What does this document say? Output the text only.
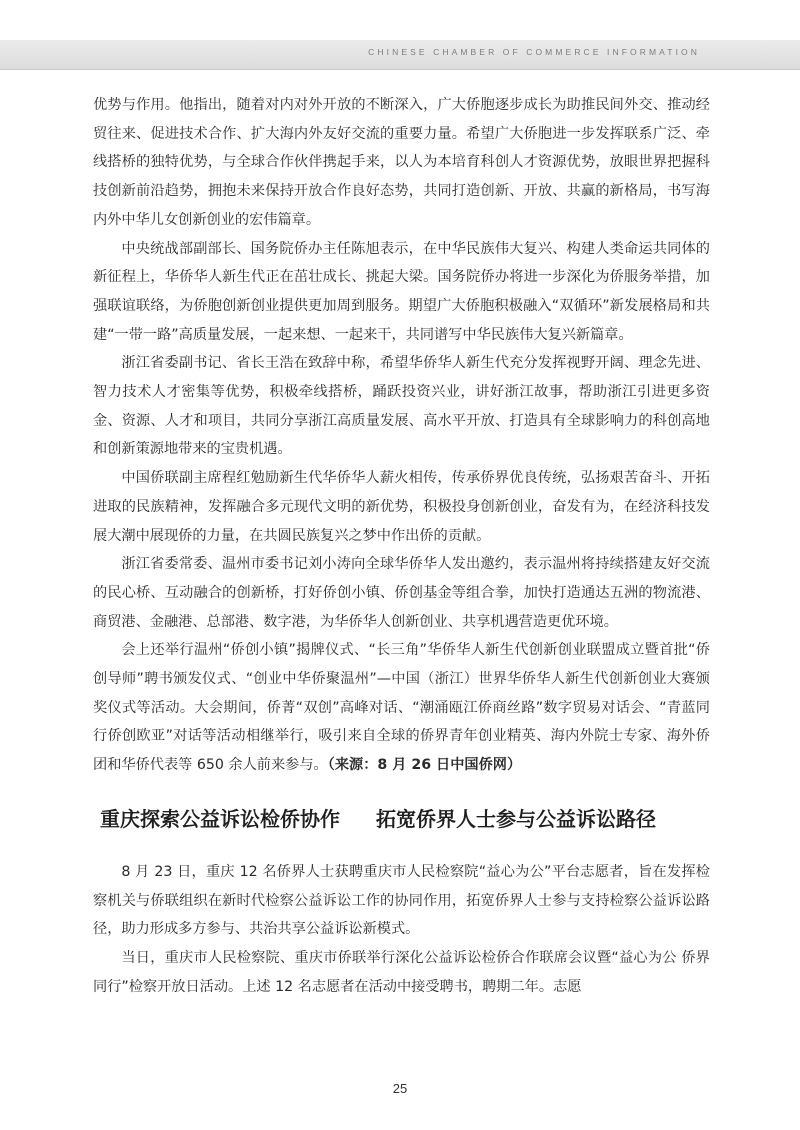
CHINESE CHAMBER OF COMMERCE INFORMATION

优势与作用。他指出，随着对内对外开放的不断深入，广大侨胞逐步成长为助推民间外交、推动经贸往来、促进技术合作、扩大海内外友好交流的重要力量。希望广大侨胞进一步发挥联系广泛、牵线搭桥的独特优势，与全球合作伙伴携起手来，以人为本培育科创人才资源优势，放眼世界把握科技创新前沿趋势，拥抱未来保持开放合作良好态势，共同打造创新、开放、共赢的新格局，书写海内外中华儿女创新创业的宏伟篇章。

中央统战部副部长、国务院侨办主任陈旭表示，在中华民族伟大复兴、构建人类命运共同体的新征程上，华侨华人新生代正在茁壮成长、挑起大梁。国务院侨办将进一步深化为侨服务举措，加强联谊联络，为侨胞创新创业提供更加周到服务。期望广大侨胞积极融入“双循环”新发展格局和共建“一带一路”高质量发展，一起来想、一起来干，共同谱写中华民族伟大复兴新篇章。

浙江省委副书记、省长王浩在致辞中称，希望华侨华人新生代充分发挥视野开阔、理念先进、智力技术人才密集等优势，积极牵线搭桥，踊跃投资兴业，讲好浙江故事，帮助浙江引进更多资金、资源、人才和项目，共同分享浙江高质量发展、高水平开放、打造具有全球影响力的科创高地和创新策源地带来的宝贵机遇。

中国侨联副主席程红勉励新生代华侨华人薪火相传，传承侨界优良传统，弘扬艰苦奋斗、开拓进取的民族精神，发挥融合多元现代文明的新优势，积极投身创新创业，奋发有为，在经济科技发展大潮中展现侨的力量，在共圆民族复兴之梦中作出侨的贡献。

浙江省委常委、温州市委书记刘小涛向全球华侨华人发出邀约，表示温州将持续搭建友好交流的民心桥、互动融合的创新桥，打好侨创小镇、侨创基金等组合拳，加快打造通达五洲的物流港、商贸港、金融港、总部港、数字港，为华侨华人创新创业、共享机遇营造更优环境。

会上还举行温州“侨创小镇”揭牌仪式、“长三角”华侨华人新生代创新创业联盟成立暨首批“侨创导师”聘书颁发仪式、“创业中华侨聚温州”—中国（浙江）世界华侨华人新生代创新创业大赛颁奖仪式等活动。大会期间，侨菁“双创”高峰对话、“潮涌瓯江侨商丝路”数字贸易对话会、“青蓝同行侨创欧亚”对话等活动相继举行，吸引来自全球的侨界青年创业精英、海内外院士专家、海外侨团和华侨代表等 650 余人前来参与。（来源：8 月 26 日中国侨网）

重庆探索公益诉讼检侨协作 拓宽侨界人士参与公益诉讼路径

8 月 23 日，重庆 12 名侨界人士获聘重庆市人民检察院“益心为公”平台志愿者，旨在发挥检察机关与侨联组织在新时代检察公益诉讼工作的协同作用，拓宽侨界人士参与支持检察公益诉讼路径，助力形成多方参与、共治共享公益诉讼新模式。

当日，重庆市人民检察院、重庆市侨联举行深化公益诉讼检侨合作联席会议暨“益心为公 侨界同行”检察开放日活动。上述 12 名志愿者在活动中接受聘书，聘期二年。志愿

25
